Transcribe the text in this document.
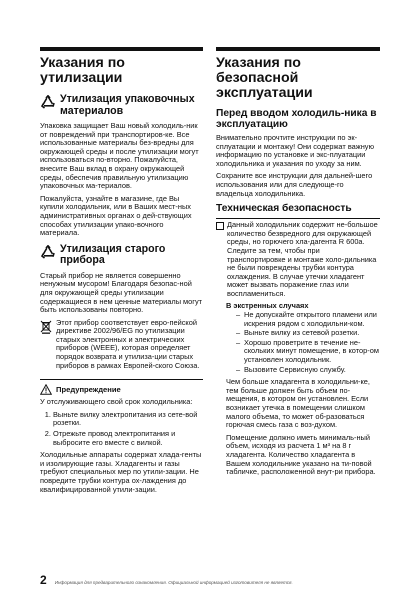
Указания по утилизации
Утилизация упаковочных материалов

Упаковка защищает Ваш новый холодиль-ник от повреждений при транспортиров-ке. Все использованные материалы без-вредны для окружающей среды и после утилизации могут использоваться по-вторно. Пожалуйста, внесите Ваш вклад в охрану окружающей среды, обеспечив правильную утилизацию упаковочных ма-териалов.

Пожалуйста, узнайте в магазине, где Вы купили холодильник, или в Ваших мест-ных административных органах о дей-ствующих способах утилизации упако-вочного материала.

Утилизация старого прибора

Старый прибор не является совершенно ненужным мусором! Благодаря безопас-ной для окружающей среды утилизации содержащиеся в нем ценные материалы могут быть использованы повторно.

Этот прибор соответствует евро-пейской директиве 2002/96/EG по утилизации старых электронных и электрических приборов (WEEE), которая определяет порядок возврата и утилиза-ции старых приборов в рамках Европей-ского Союза.

Предупреждение

У отслуживающего свой срок холодильника:

1. Выньте вилку электропитания из сете-вой розетки.
2. Отрежьте провод электропитания и выбросите его вместе с вилкой.

Холодильные аппараты содержат хлада-генты и изолирующие газы. Хладагенты и газы требуют специальных мер по утили-зации. Не повредите трубки контура ох-лаждения до квалифицированной утили-зации.

Указания по безопасной эксплуатации
Перед вводом холодиль-ника в эксплуатацию

Внимательно прочтите инструкции по эк-сплуатации и монтажу! Они содержат важную информацию по установке и экс-плуатации холодильника и указания по уходу за ним.

Сохраните все инструкции для дальней-шего использования или для следующе-го владельца холодильника.

Техническая безопасность

Данный холодильник содержит не-большое количество безвредного для окружающей среды, но горючего хла-дагента R 600a. Следите за тем, чтобы при транспортировке и монтаже холо-дильника не были повреждены трубки контура охлаждения. В случае утечки хладагент может вызвать поражение глаз или воспламениться.

В экстренных случаях

– Не допускайте открытого пламени или искрения рядом с холодильни-ком.
– Выньте вилку из сетевой розетки.
– Хорошо проветрите в течение не-скольких минут помещение, в котор-ом установлен холодильник.
– Вызовите Сервисную службу.

Чем больше хладагента в холодильни-ке, тем больше должен быть объем по-мещения, в котором он установлен. Если возникает утечка в помещении слишком малого объема, то может об-разоваться горючая смесь газа с воз-духом.

Помещение должно иметь минималь-ный объем, исходя из расчета 1 м³ на 8 г хладагента. Количество хладагента в Вашем холодильнике указано на ти-повой табличке, расположенной внут-ри прибора.

2 Информация для предварительного ознакомления. Официальной информацией изготовителя не является.
